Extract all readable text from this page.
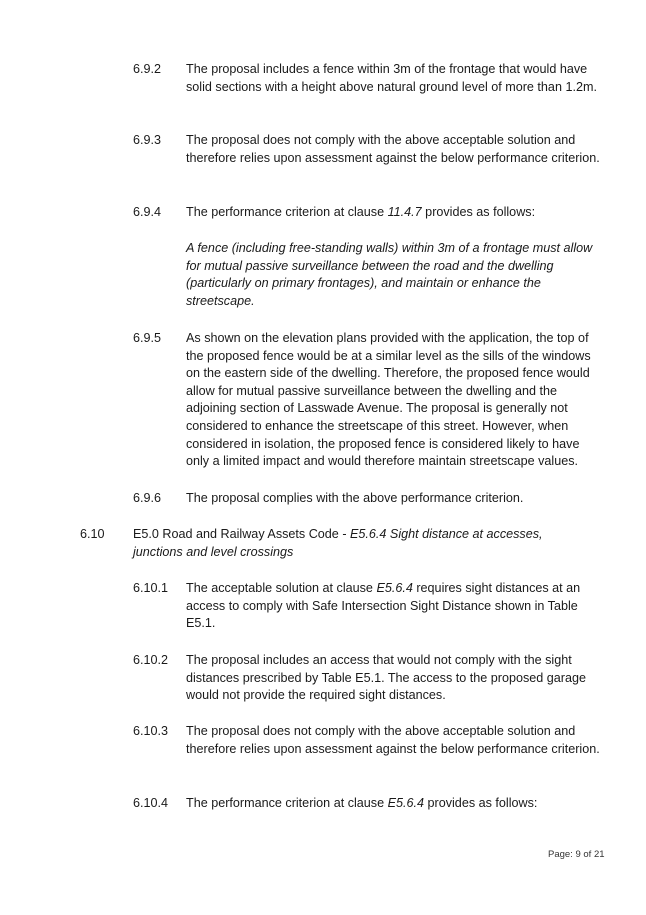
6.9.2 The proposal includes a fence within 3m of the frontage that would have solid sections with a height above natural ground level of more than 1.2m.
6.9.3 The proposal does not comply with the above acceptable solution and therefore relies upon assessment against the below performance criterion.
6.9.4 The performance criterion at clause 11.4.7 provides as follows:
A fence (including free-standing walls) within 3m of a frontage must allow for mutual passive surveillance between the road and the dwelling (particularly on primary frontages), and maintain or enhance the streetscape.
6.9.5 As shown on the elevation plans provided with the application, the top of the proposed fence would be at a similar level as the sills of the windows on the eastern side of the dwelling. Therefore, the proposed fence would allow for mutual passive surveillance between the dwelling and the adjoining section of Lasswade Avenue. The proposal is generally not considered to enhance the streetscape of this street. However, when considered in isolation, the proposed fence is considered likely to have only a limited impact and would therefore maintain streetscape values.
6.9.6 The proposal complies with the above performance criterion.
6.10 E5.0 Road and Railway Assets Code - E5.6.4 Sight distance at accesses, junctions and level crossings
6.10.1 The acceptable solution at clause E5.6.4 requires sight distances at an access to comply with Safe Intersection Sight Distance shown in Table E5.1.
6.10.2 The proposal includes an access that would not comply with the sight distances prescribed by Table E5.1. The access to the proposed garage would not provide the required sight distances.
6.10.3 The proposal does not comply with the above acceptable solution and therefore relies upon assessment against the below performance criterion.
6.10.4 The performance criterion at clause E5.6.4 provides as follows:
Page: 9 of 21
